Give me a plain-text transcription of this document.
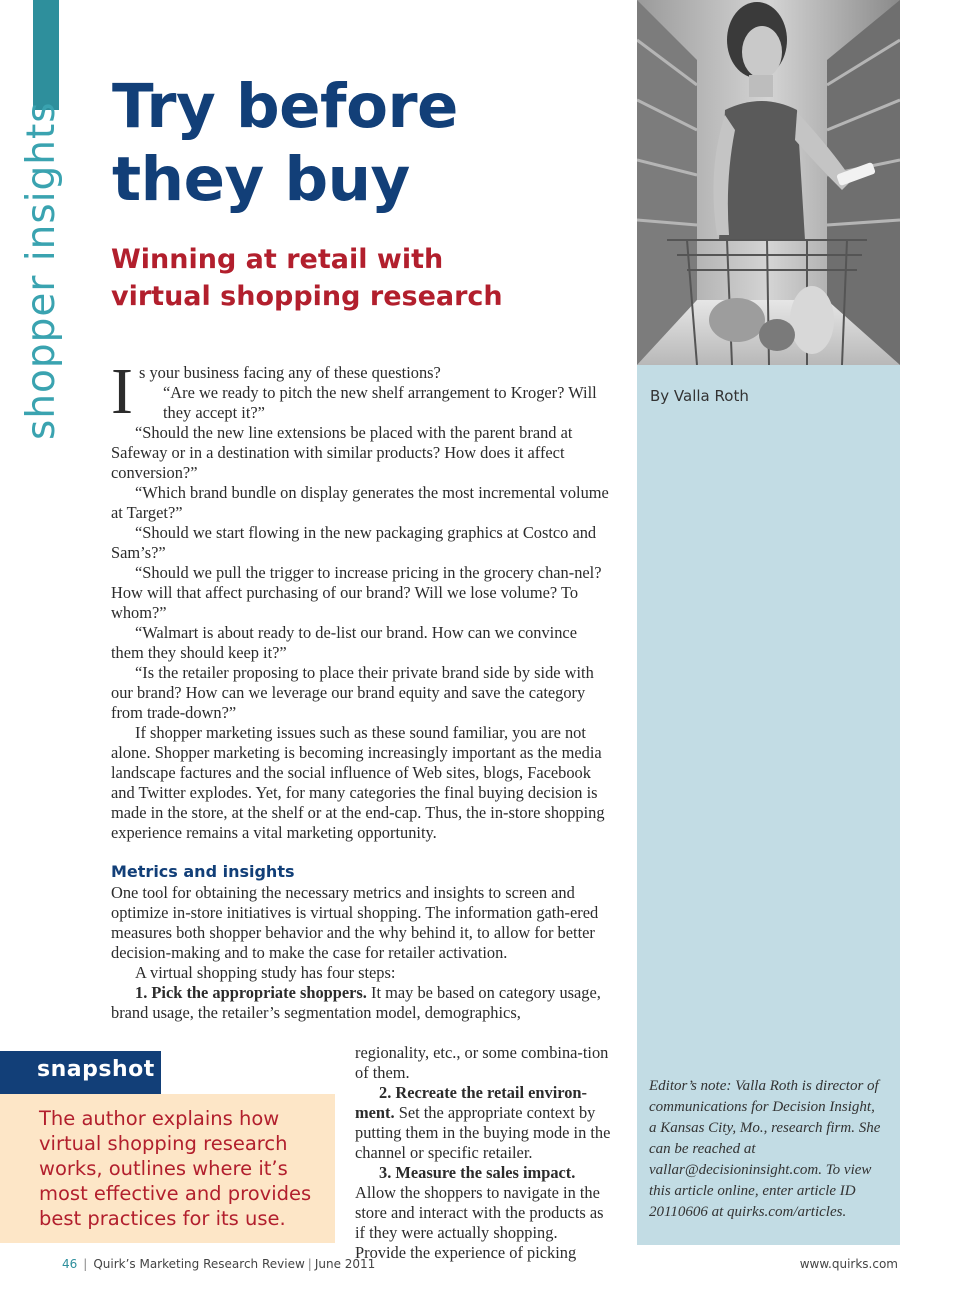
shopper insights Try before
they buy
Winning at retail with virtual shopping research

Is your business facing any of these questions?

“Are we ready to pitch the new shelf arrangement to Kroger? Will they accept it?”

“Should the new line extensions be placed with the parent brand at Safeway or in a destination with similar products? How does it affect conversion?”

“Which brand bundle on display generates the most incremental volume at Target?”

“Should we start flowing in the new packaging graphics at Costco and Sam’s?”

“Should we pull the trigger to increase pricing in the grocery chan-nel? How will that affect purchasing of our brand? Will we lose volume? To whom?”

“Walmart is about ready to de-list our brand. How can we convince them they should keep it?”

“Is the retailer proposing to place their private brand side by side with our brand? How can we leverage our brand equity and save the category from trade-down?”

If shopper marketing issues such as these sound familiar, you are not alone. Shopper marketing is becoming increasingly important as the media landscape factures and the social influence of Web sites, blogs, Facebook and Twitter explodes. Yet, for many categories the final buying decision is made in the store, at the shelf or at the end-cap. Thus, the in-store shopping experience remains a vital marketing opportunity.

Metrics and insights

One tool for obtaining the necessary metrics and insights to screen and optimize in-store initiatives is virtual shopping. The information gath-ered measures both shopper behavior and the why behind it, to allow for better decision-making and to make the case for retailer activation.

A virtual shopping study has four steps:

1. Pick the appropriate shoppers. It may be based on category usage, brand usage, the retailer’s segmentation model, demographics,

regionality, etc., or some combina-tion of them.

2. Recreate the retail environ-ment. Set the appropriate context by putting them in the buying mode in the channel or specific retailer.

3. Measure the sales impact. Allow the shoppers to navigate in the store and interact with the products as if they were actually shopping. Provide the experience of picking

By Valla Roth

Editor’s note: Valla Roth is director of communications for Decision Insight, a Kansas City, Mo., research firm. She can be reached at vallar@decisioninsight.com. To view this article online, enter article ID 20110606 at quirks.com/articles.

snapshot

The author explains how virtual shopping research works, outlines where it’s most effective and provides best practices for its use.

46 | Quirk’s Marketing Research Review | June 2011	www.quirks.com
